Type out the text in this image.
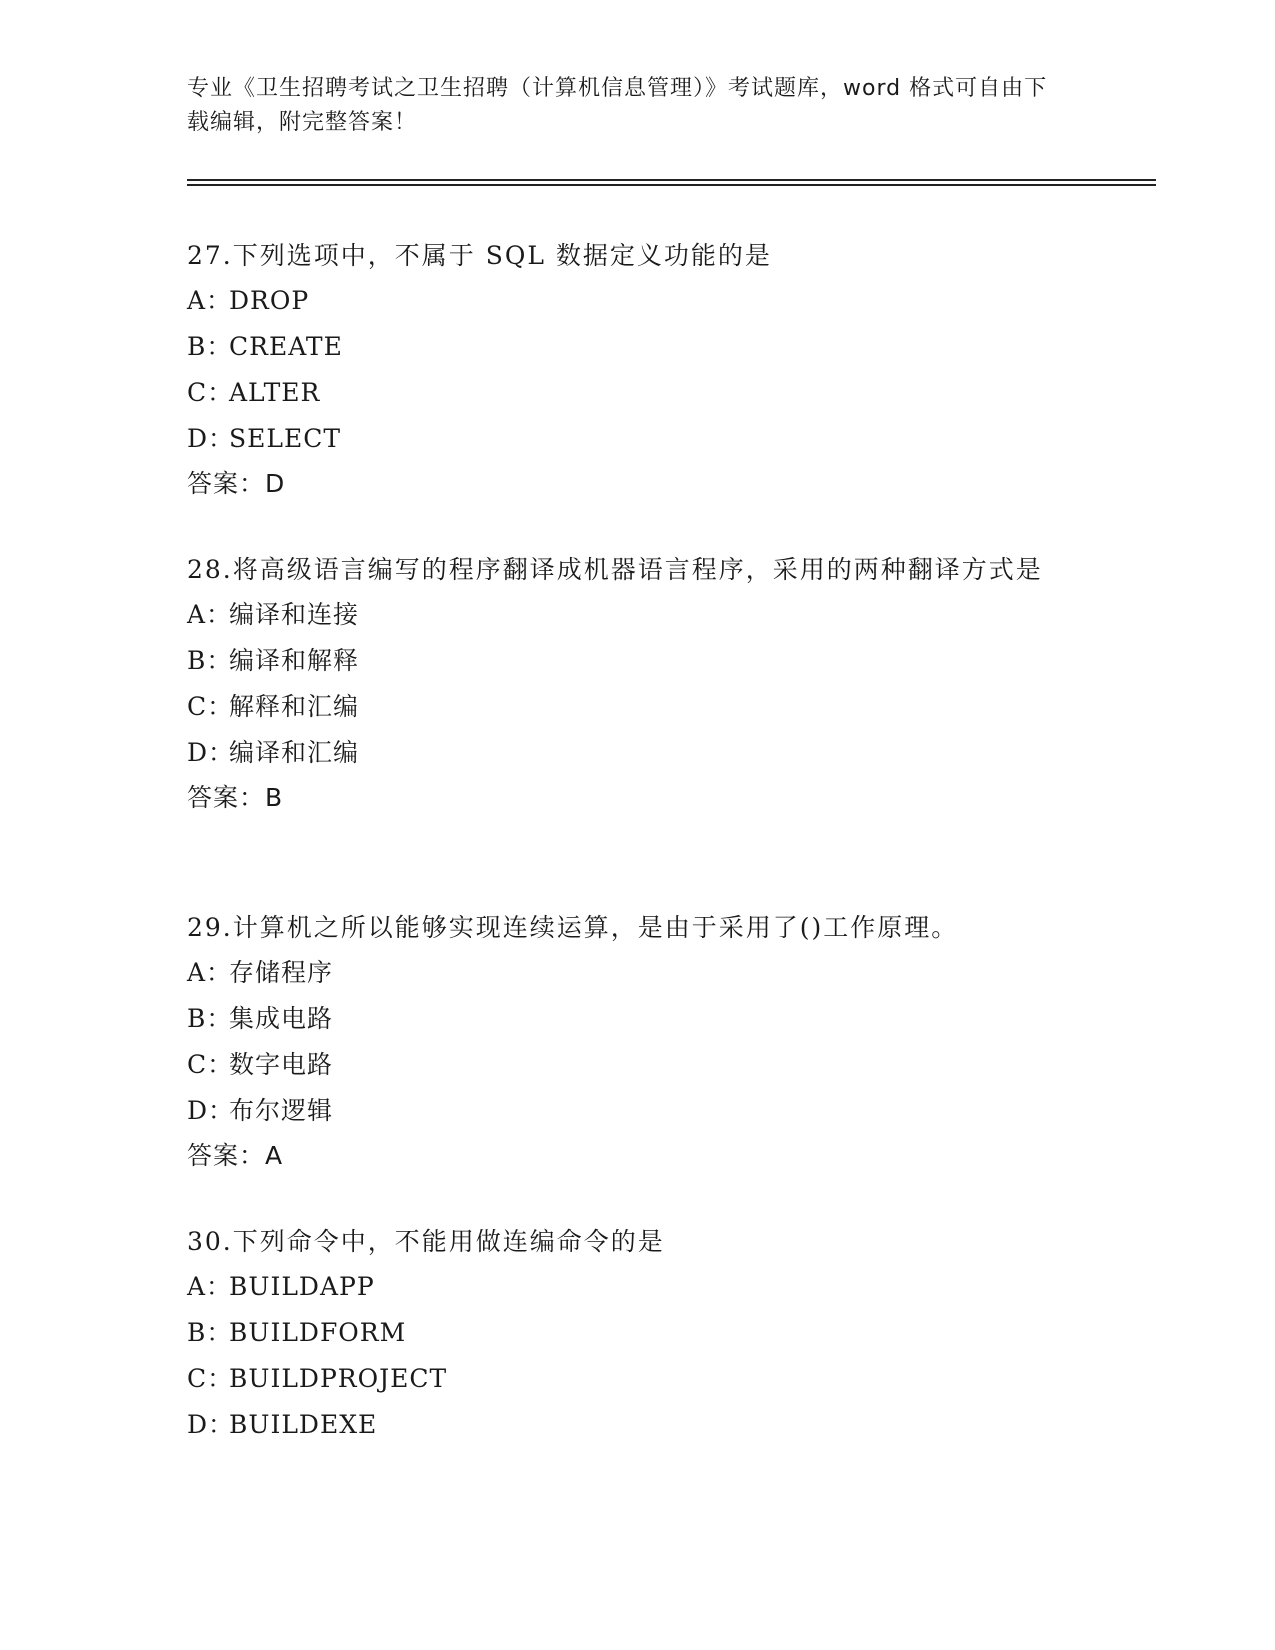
专业《卫生招聘考试之卫生招聘（计算机信息管理）》考试题库，word 格式可自由下载编辑，附完整答案！
27.下列选项中，不属于 SQL 数据定义功能的是
A：DROP
B：CREATE
C：ALTER
D：SELECT
答案：D
28.将高级语言编写的程序翻译成机器语言程序，采用的两种翻译方式是
A：编译和连接
B：编译和解释
C：解释和汇编
D：编译和汇编
答案：B
29.计算机之所以能够实现连续运算，是由于采用了()工作原理。
A：存储程序
B：集成电路
C：数字电路
D：布尔逻辑
答案：A
30.下列命令中，不能用做连编命令的是
A：BUILDAPP
B：BUILDFORM
C：BUILDPROJECT
D：BUILDEXE
